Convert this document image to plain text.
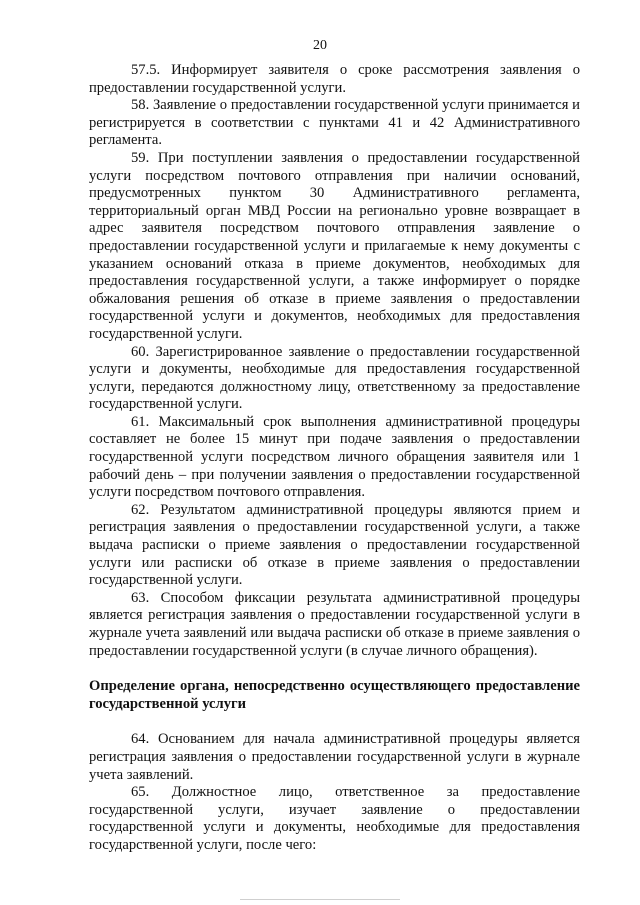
20

57.5. Информирует заявителя о сроке рассмотрения заявления о предоставлении государственной услуги.

58. Заявление о предоставлении государственной услуги принимается и регистрируется в соответствии с пунктами 41 и 42 Административного регламента.

59. При поступлении заявления о предоставлении государственной услуги посредством почтового отправления при наличии оснований, предусмотренных пунктом 30 Административного регламента, территориальный орган МВД России на регионально уровне возвращает в адрес заявителя посредством почтового отправления заявление о предоставлении государственной услуги и прилагаемые к нему документы с указанием оснований отказа в приеме документов, необходимых для предоставления государственной услуги, а также информирует о порядке обжалования решения об отказе в приеме заявления о предоставлении государственной услуги и документов, необходимых для предоставления государственной услуги.

60. Зарегистрированное заявление о предоставлении государственной услуги и документы, необходимые для предоставления государственной услуги, передаются должностному лицу, ответственному за предоставление государственной услуги.

61. Максимальный срок выполнения административной процедуры составляет не более 15 минут при подаче заявления о предоставлении государственной услуги посредством личного обращения заявителя или 1 рабочий день – при получении заявления о предоставлении государственной услуги посредством почтового отправления.

62. Результатом административной процедуры являются прием и регистрация заявления о предоставлении государственной услуги, а также выдача расписки о приеме заявления о предоставлении государственной услуги или расписки об отказе в приеме заявления о предоставлении государственной услуги.

63. Способом фиксации результата административной процедуры является регистрация заявления о предоставлении государственной услуги в журнале учета заявлений или выдача расписки об отказе в приеме заявления о предоставлении государственной услуги (в случае личного обращения).

Определение органа, непосредственно осуществляющего предоставление государственной услуги

64. Основанием для начала административной процедуры является регистрация заявления о предоставлении государственной услуги в журнале учета заявлений.

65. Должностное лицо, ответственное за предоставление государственной услуги, изучает заявление о предоставлении государственной услуги и документы, необходимые для предоставления государственной услуги, после чего:
